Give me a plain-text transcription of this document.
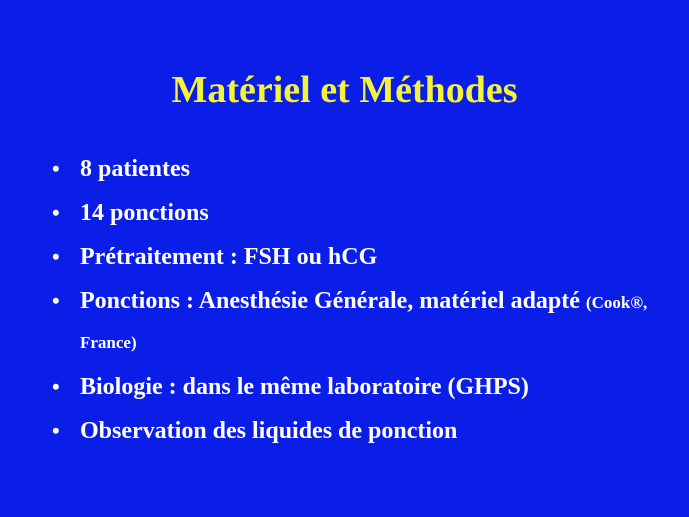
Matériel et Méthodes
• 8 patientes
• 14 ponctions
• Prétraitement : FSH ou hCG
• Ponctions : Anesthésie Générale, matériel adapté (Cook®, France)
• Biologie : dans le même laboratoire (GHPS)
• Observation des liquides de ponction
